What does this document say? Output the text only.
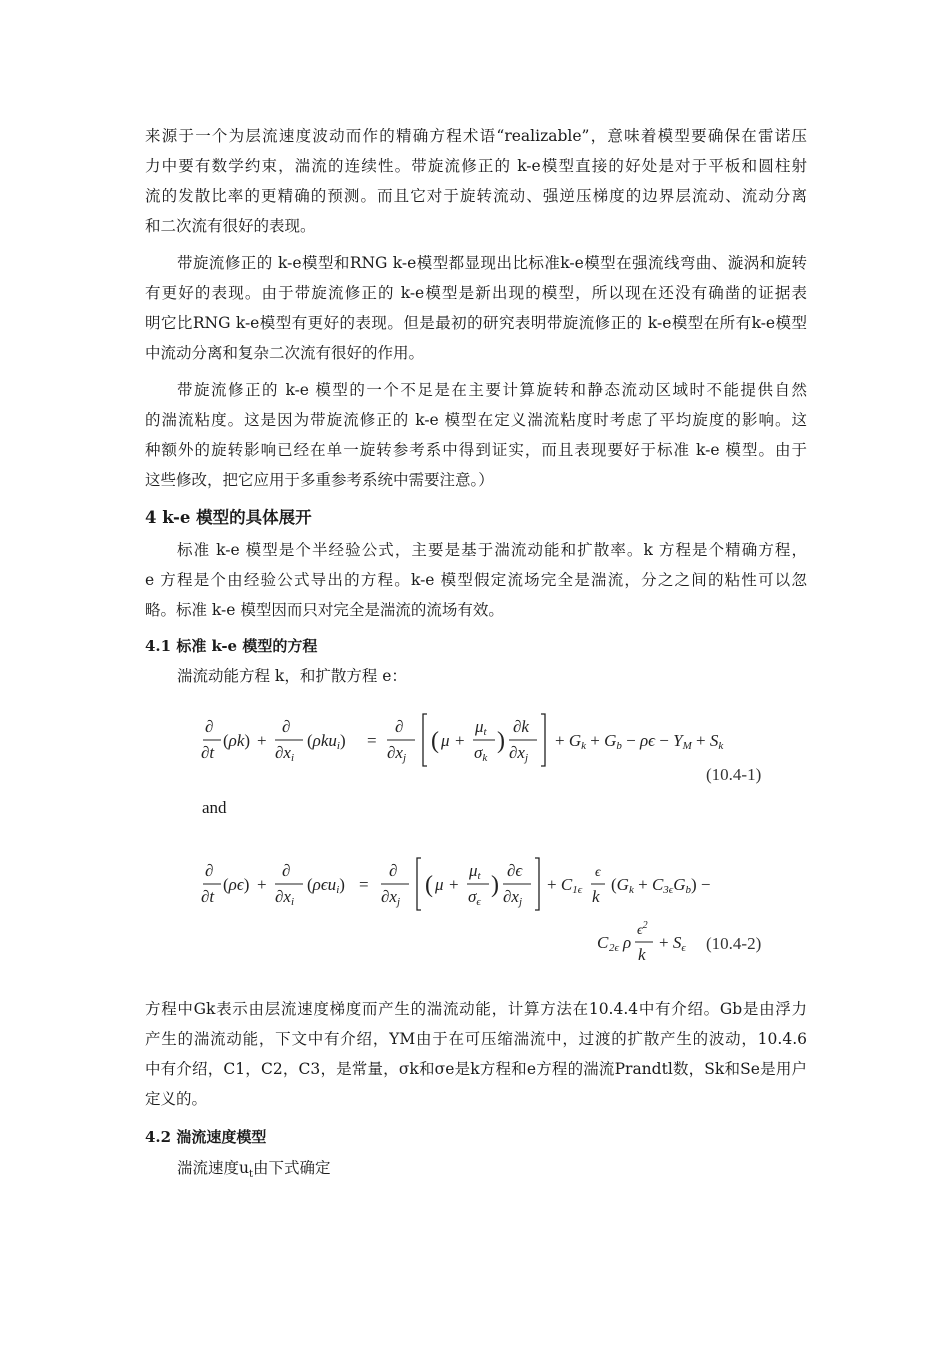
来源于一个为层流速度波动而作的精确方程术语“realizable”，意味着模型要确保在雷诺压
力中要有数学约束，湍流的连续性。带旋流修正的 k-e模型直接的好处是对于平板和圆柱射
流的发散比率的更精确的预测。而且它对于旋转流动、强逆压梯度的边界层流动、流动分离
和二次流有很好的表现。
带旋流修正的 k-e模型和RNG k-e模型都显现出比标准k-e模型在强流线弯曲、漩涡和旋转
有更好的表现。由于带旋流修正的 k-e模型是新出现的模型，所以现在还没有确凿的证据表
明它比RNG k-e模型有更好的表现。但是最初的研究表明带旋流修正的 k-e模型在所有k-e模型
中流动分离和复杂二次流有很好的作用。
带旋流修正的 k-e 模型的一个不足是在主要计算旋转和静态流动区域时不能提供自然
的湍流粘度。这是因为带旋流修正的 k-e 模型在定义湍流粘度时考虑了平均旋度的影响。这
种额外的旋转影响已经在单一旋转参考系中得到证实，而且表现要好于标准 k-e 模型。由于
这些修改，把它应用于多重参考系统中需要注意。）
4 k-e 模型的具体展开
标准 k-e 模型是个半经验公式，主要是基于湍流动能和扩散率。k 方程是个精确方程，
e 方程是个由经验公式导出的方程。k-e 模型假定流场完全是湍流，分之之间的粘性可以忽
略。标准 k-e 模型因而只对完全是湍流的流场有效。
4.1 标准 k-e 模型的方程
湍流动能方程 k，和扩散方程 e：
∂
∂t
(ρk) +
∂
∂xi
(ρkui) =
∂
∂xj
( μ +
μt
σk
)
∂k
∂xj
+ Gk + Gb − ρϵ − YM + Sk
(10.4-1)
and
∂
∂t
(ρϵ) +
∂
∂xi
(ρϵui) =
∂
∂xj
( μ +
μt
σϵ
)
∂ϵ
∂xj
+ C1ϵ
ϵ
k
(Gk + C3ϵGb) −
C 2ϵ ρ
$\epsilon^2$
k
+ Sϵ (10.4-2)
方程中Gk表示由层流速度梯度而产生的湍流动能，计算方法在10.4.4中有介绍。Gb是由浮力
产生的湍流动能，下文中有介绍，YM由于在可压缩湍流中，过渡的扩散产生的波动，10.4.6
中有介绍，C1，C2，C3，是常量，σk和σe是k方程和e方程的湍流Prandtl数，Sk和Se是用户
定义的。
4.2 湍流速度模型
湍流速度$u_t$由下式确定
